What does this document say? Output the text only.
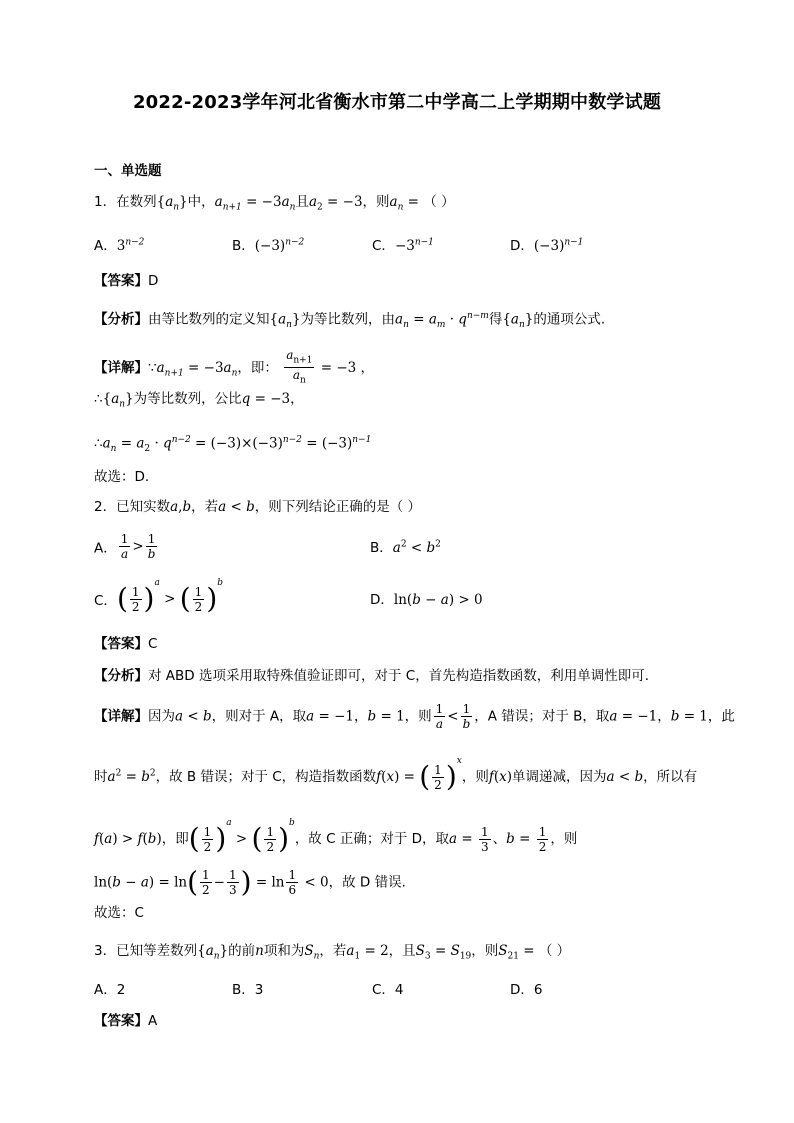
2022-2023学年河北省衡水市第二中学高二上学期期中数学试题
一、单选题
1．在数列$\{a_n\}$中，$a_{n+1} = -3a_n$且$a_2 = -3$，则$a_n$ = （ ）
A．$3^{n-2}$	B．$(-3)^{n-2}$	C．$-3^{n-1}$	D．$(-3)^{n-1}$
【答案】D
【分析】由等比数列的定义知$\{a_n\}$为等比数列，由$a_n = a_m \cdot q^{n-m}$得$\{a_n\}$的通项公式.
【详解】$\because a_{n+1} = -3a_n$，即： $\frac{a_{n+1}}{a_n} = -3$ ，
$\therefore\{a_n\}$为等比数列，公比q = −3，
$\therefore a_n = a_2 \cdot q^{n-2} = (-3)\times(-3)^{n-2} = (-3)^{n-1}$
故选：D.
2．已知实数a,b，若a < b，则下列结论正确的是（ ）
A． $\frac{1}{a} > \frac{1}{b}$	B．$a^2 < b^2$
C．( $\frac{1}{2} )^a$ > ( $\frac{1}{2} )^b$
D．ln(b − a) > 0
【答案】C
【分析】对 ABD 选项采用取特殊值验证即可，对于 C，首先构造指数函数，利用单调性即可.
【详解】因为a < b，则对于 A，取a = −1，b = 1，则 $\frac{1}{a} < \frac{1}{b}$ ，A 错误；对于 B，取a = −1，b = 1，此
时$a^2 = b^2$，故 B 错误；对于 C，构造指数函数f(x) = ( $\frac{1}{2} )^x$，则f(x)单调递减，因为a < b，所以有
f(a) > f(b)，即( $\frac{1}{2} )^a$ > ( $\frac{1}{2} )^b$，故 C 正确；对于 D，取$a = \frac{1}{3}$ 、$b = \frac{1}{2}$ ，则
$\ln(b - a) = \ln( \frac{1}{2} - \frac{1}{3}$ ) = $\ln \frac{1}{6} < 0$，故 D 错误.
故选：C
3．已知等差数列$\{a_n\}$的前n项和为$S_n$，若$a_1 = 2$，且$S_3 = S_{19}$，则$S_{21}$ = （ ）
A．2	B．3	C．4	D．6
【答案】A
